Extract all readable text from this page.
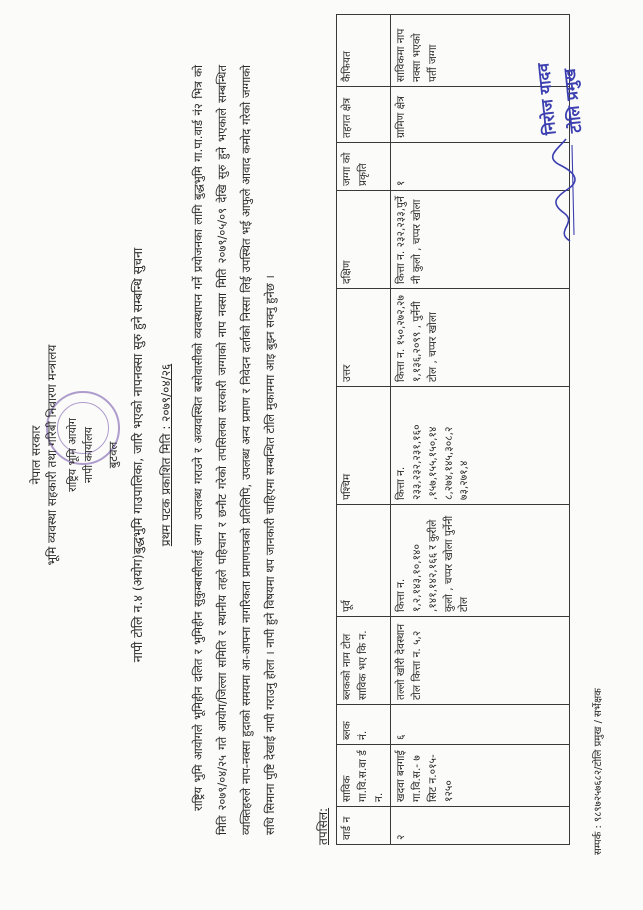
नेपाल सरकार भूमि व्यवस्था सहकारी तथा गरिबी निवारण मन्त्रालय राष्ट्रिय भूमि आयोग नापी कार्यालय बुटवल नापी टोलि न.४ (अयोग)बुद्धभुमि गाउपालिका, जारि भएको नापनक्सा सुरु हुने सम्बन्धि सुचना प्रथम पटक प्रकाशित मिति : २०७९/०४/२६	राष्ट्रिय भुमि आयोगले भूमिहीन दलित र भुमिहीन सुकुम्बासीलाई जग्गा उपलब्ध गराउने र अव्यवस्थित बसोवासीको व्यवस्थापन गर्ने प्रयोजनका लागि बुद्धभुमि गा.पा.वार्ड नं२ भित्र को मिति २०७९/०४/२५ गते आयोग/जिल्ला समिति र स्थानीय तहले पहिचान र छनौट गरेको तपसिलका सरकारी जग्गाको नाप नक्सा मिति २०७९/०५/०९ देखि सुरु हुने भएकाले सम्बन्धित व्यक्तिहरुले नाप-नक्सा हुदाको समयमा आ-आफ्ना नागरिकता प्रमाणपत्रको प्रतिलिपि, उपलब्ध अन्य प्रमाण र निवेदन दर्ताको निस्सा लिई उपस्थित भई आफुले आवाद कमोद गरेको जग्गाको सधि सिमाना पुष्टि देखाई नापी गराउनु होला । नापी हुने विषयमा थप जानकारी चाहिएमा सम्बन्धित टोलि मुकाममा आइ बुझ्न सक्नु हुनेछ ।	तपसिल: वार्ड न	साविक गा.वि.स.वा र्ड न.	ब्लक नं.	ब्लककाे नाम टोल साविक भए कि न.	पूर्व	पश्चिम	उत्तर	दक्षिण	जग्गा को प्रकृति	तहगत क्षेत्र	कैफियत
२	खदवा बनगाई गा.वि.स.- ७ सिट न.०१५- १२५०	६	तल्लो खोरी देवस्थान टोल कित्ता न. ५,२	कित्ता न. १,२,१४३,१०,१४० ,१४१,१४२,१६६ र कुरीले कुलो , चप्पर खोला पुर्नेनी टोल	कित्ता न. २३३,२३२,२३१,१६० ,१५७,१५५,१५०,१४ ८,२७४,१४५,३०८,२ ७३,२७१,४	कित्ता न. १५०,२७२,२७ १,१३६,२०९९ , पुर्नेनी टोल , चप्पर खोला	कित्ता न. २३२,२३३,पुर्ने नी कुलो , चप्पर खोला	१	ग्रामिण क्षेत्र	साविकमा नाप नक्सा भएकाे पर्ती जग्गा
सम्पर्क : ९८९७२५७६८२/टोलि प्रमुख / सर्भेक्षक
निरोज यादव टोलि प्रमुख
